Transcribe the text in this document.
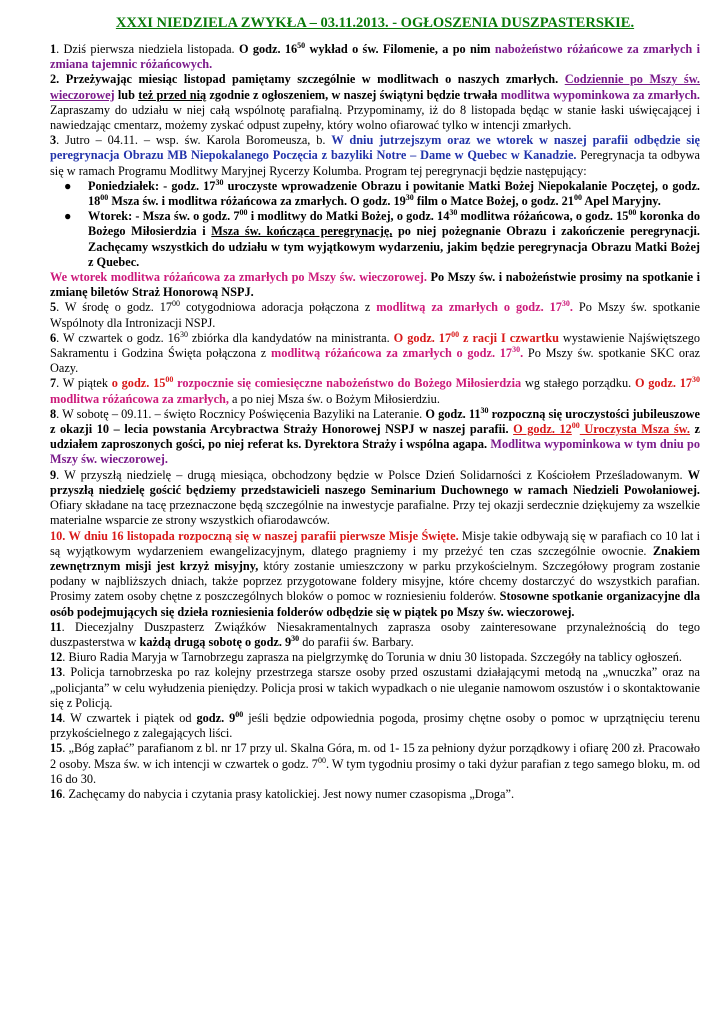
XXXI NIEDZIELA ZWYKŁA – 03.11.2013. - OGŁOSZENIA DUSZPASTERSKIE.

1. Dziś pierwsza niedziela listopada. O godz. $16^{50}$ wykład o św. Filomenie, a po nim nabożeństwo różańcowe za zmarłych i zmiana tajemnic różańcowych.

2. Przeżywając miesiąc listopad pamiętamy szczególnie w modlitwach o naszych zmarłych. Codziennie po Mszy św. wieczorowej lub też przed nią zgodnie z ogłoszeniem, w naszej świątyni będzie trwała modlitwa wypominkowa za zmarłych. Zapraszamy do udziału w niej całą wspólnotę parafialną. Przypominamy, iż do 8 listopada będąc w stanie łaski uświęcającej i nawiedzając cmentarz, możemy zyskać odpust zupełny, który wolno ofiarować tylko w intencji zmarłych.

3. Jutro – 04.11. – wsp. św. Karola Boromeusza, b. W dniu jutrzejszym oraz we wtorek w naszej parafii odbędzie się peregrynacja Obrazu MB Niepokalanego Poczęcia z bazyliki Notre – Dame w Quebec w Kanadzie. Peregrynacja ta odbywa się w ramach Programu Modlitwy Maryjnej Rycerzy Kolumba. Program tej peregrynacji będzie następujący:

● Poniedziałek: - godz. $17^{30}$ uroczyste wprowadzenie Obrazu i powitanie Matki Bożej Niepokalanie Poczętej, o godz. $18^{00}$ Msza św. i modlitwa różańcowa za zmarłych. O godz. $19^{30}$ film o Matce Bożej, o godz. $21^{00}$ Apel Maryjny.
● Wtorek: - Msza św. o godz. $7^{00}$ i modlitwy do Matki Bożej, o godz. $14^{30}$ modlitwa różańcowa, o godz. $15^{00}$ koronka do Bożego Miłosierdzia i Msza św. kończąca peregrynację, po niej pożegnanie Obrazu i zakończenie peregrynacji. Zachęcamy wszystkich do udziału w tym wyjątkowym wydarzeniu, jakim będzie peregrynacja Obrazu Matki Bożej z Quebec.

We wtorek modlitwa różańcowa za zmarłych po Mszy św. wieczorowej. Po Mszy św. i nabożeństwie prosimy na spotkanie i zmianę biletów Straż Honorową NSPJ.

5. W środę o godz. $17^{00}$ cotygodniowa adoracja połączona z modlitwą za zmarłych o godz. $17^{30}$. Po Mszy św. spotkanie Wspólnoty dla Intronizacji NSPJ.

6. W czwartek o godz. $16^{30}$ zbiórka dla kandydatów na ministranta. O godz. $17^{00}$ z racji I czwartku wystawienie Najświętszego Sakramentu i Godzina Święta połączona z modlitwą różańcowa za zmarłych o godz. $17^{30}$. Po Mszy św. spotkanie SKC oraz Oazy.

7. W piątek o godz. $15^{00}$ rozpocznie się comiesięczne nabożeństwo do Bożego Miłosierdzia wg stałego porządku. O godz. $17^{30}$ modlitwa różańcowa za zmarłych, a po niej Msza św. o Bożym Miłosierdziu.

8. W sobotę – 09.11. – święto Rocznicy Poświęcenia Bazyliki na Lateranie. O godz. $11^{30}$ rozpoczną się uroczystości jubileuszowe z okazji 10 – lecia powstania Arcybractwa Straży Honorowej NSPJ w naszej parafii. O godz. $12^{00}$ Uroczysta Msza św. z udziałem zaproszonych gości, po niej referat ks. Dyrektora Straży i wspólna agapa. Modlitwa wypominkowa w tym dniu po Mszy św. wieczorowej.

9. W przyszłą niedzielę – drugą miesiąca, obchodzony będzie w Polsce Dzień Solidarności z Kościołem Prześladowanym. W przyszłą niedzielę gościć będziemy przedstawicieli naszego Seminarium Duchownego w ramach Niedzieli Powołaniowej. Ofiary składane na tacę przeznaczone będą szczególnie na inwestycje parafialne. Przy tej okazji serdecznie dziękujemy za wszelkie materialne wsparcie ze strony wszystkich ofiarodawców.

10. W dniu 16 listopada rozpoczną się w naszej parafii pierwsze Misje Święte. Misje takie odbywają się w parafiach co 10 lat i są wyjątkowym wydarzeniem ewangelizacyjnym, dlatego pragniemy i my przeżyć ten czas szczególnie owocnie. Znakiem zewnętrznym misji jest krzyż misyjny, który zostanie umieszczony w parku przykościelnym. Szczegółowy program zostanie podany w najbliższych dniach, także poprzez przygotowane foldery misyjne, które chcemy dostarczyć do wszystkich parafian. Prosimy zatem osoby chętne z poszczególnych bloków o pomoc w rozniesieniu folderów. Stosowne spotkanie organizacyjne dla osób podejmujących się dzieła rozniesienia folderów odbędzie się w piątek po Mszy św. wieczorowej.

11. Diecezjalny Duszpasterz Zwiąźków Niesakramentalnych zaprasza osoby zainteresowane przynależnością do tego duszpasterstwa w każdą drugą sobotę o godz. $9^{30}$ do parafii św. Barbary.

12. Biuro Radia Maryja w Tarnobrzegu zaprasza na pielgrzymkę do Torunia w dniu 30 listopada. Szczegóły na tablicy ogłoszeń.

13. Policja tarnobrzeska po raz kolejny przestrzega starsze osoby przed oszustami działającymi metodą na „wnuczka” oraz na „policjanta” w celu wyłudzenia pieniędzy. Policja prosi w takich wypadkach o nie uleganie namowom oszustów i o skontaktowanie się z Policją.

14. W czwartek i piątek od godz. $9^{00}$ jeśli będzie odpowiednia pogoda, prosimy chętne osoby o pomoc w uprzątnięciu terenu przykościelnego z zalegających liści.

15. „Bóg zapłać” parafianom z bl. nr 17 przy ul. Skalna Góra, m. od 1- 15 za pełniony dyżur porządkowy i ofiarę 200 zł. Pracowało 2 osoby. Msza św. w ich intencji w czwartek o godz. $7^{00}$. W tym tygodniu prosimy o taki dyżur parafian z tego samego bloku, m. od 16 do 30.

16. Zachęcamy do nabycia i czytania prasy katolickiej. Jest nowy numer czasopisma „Droga”.
